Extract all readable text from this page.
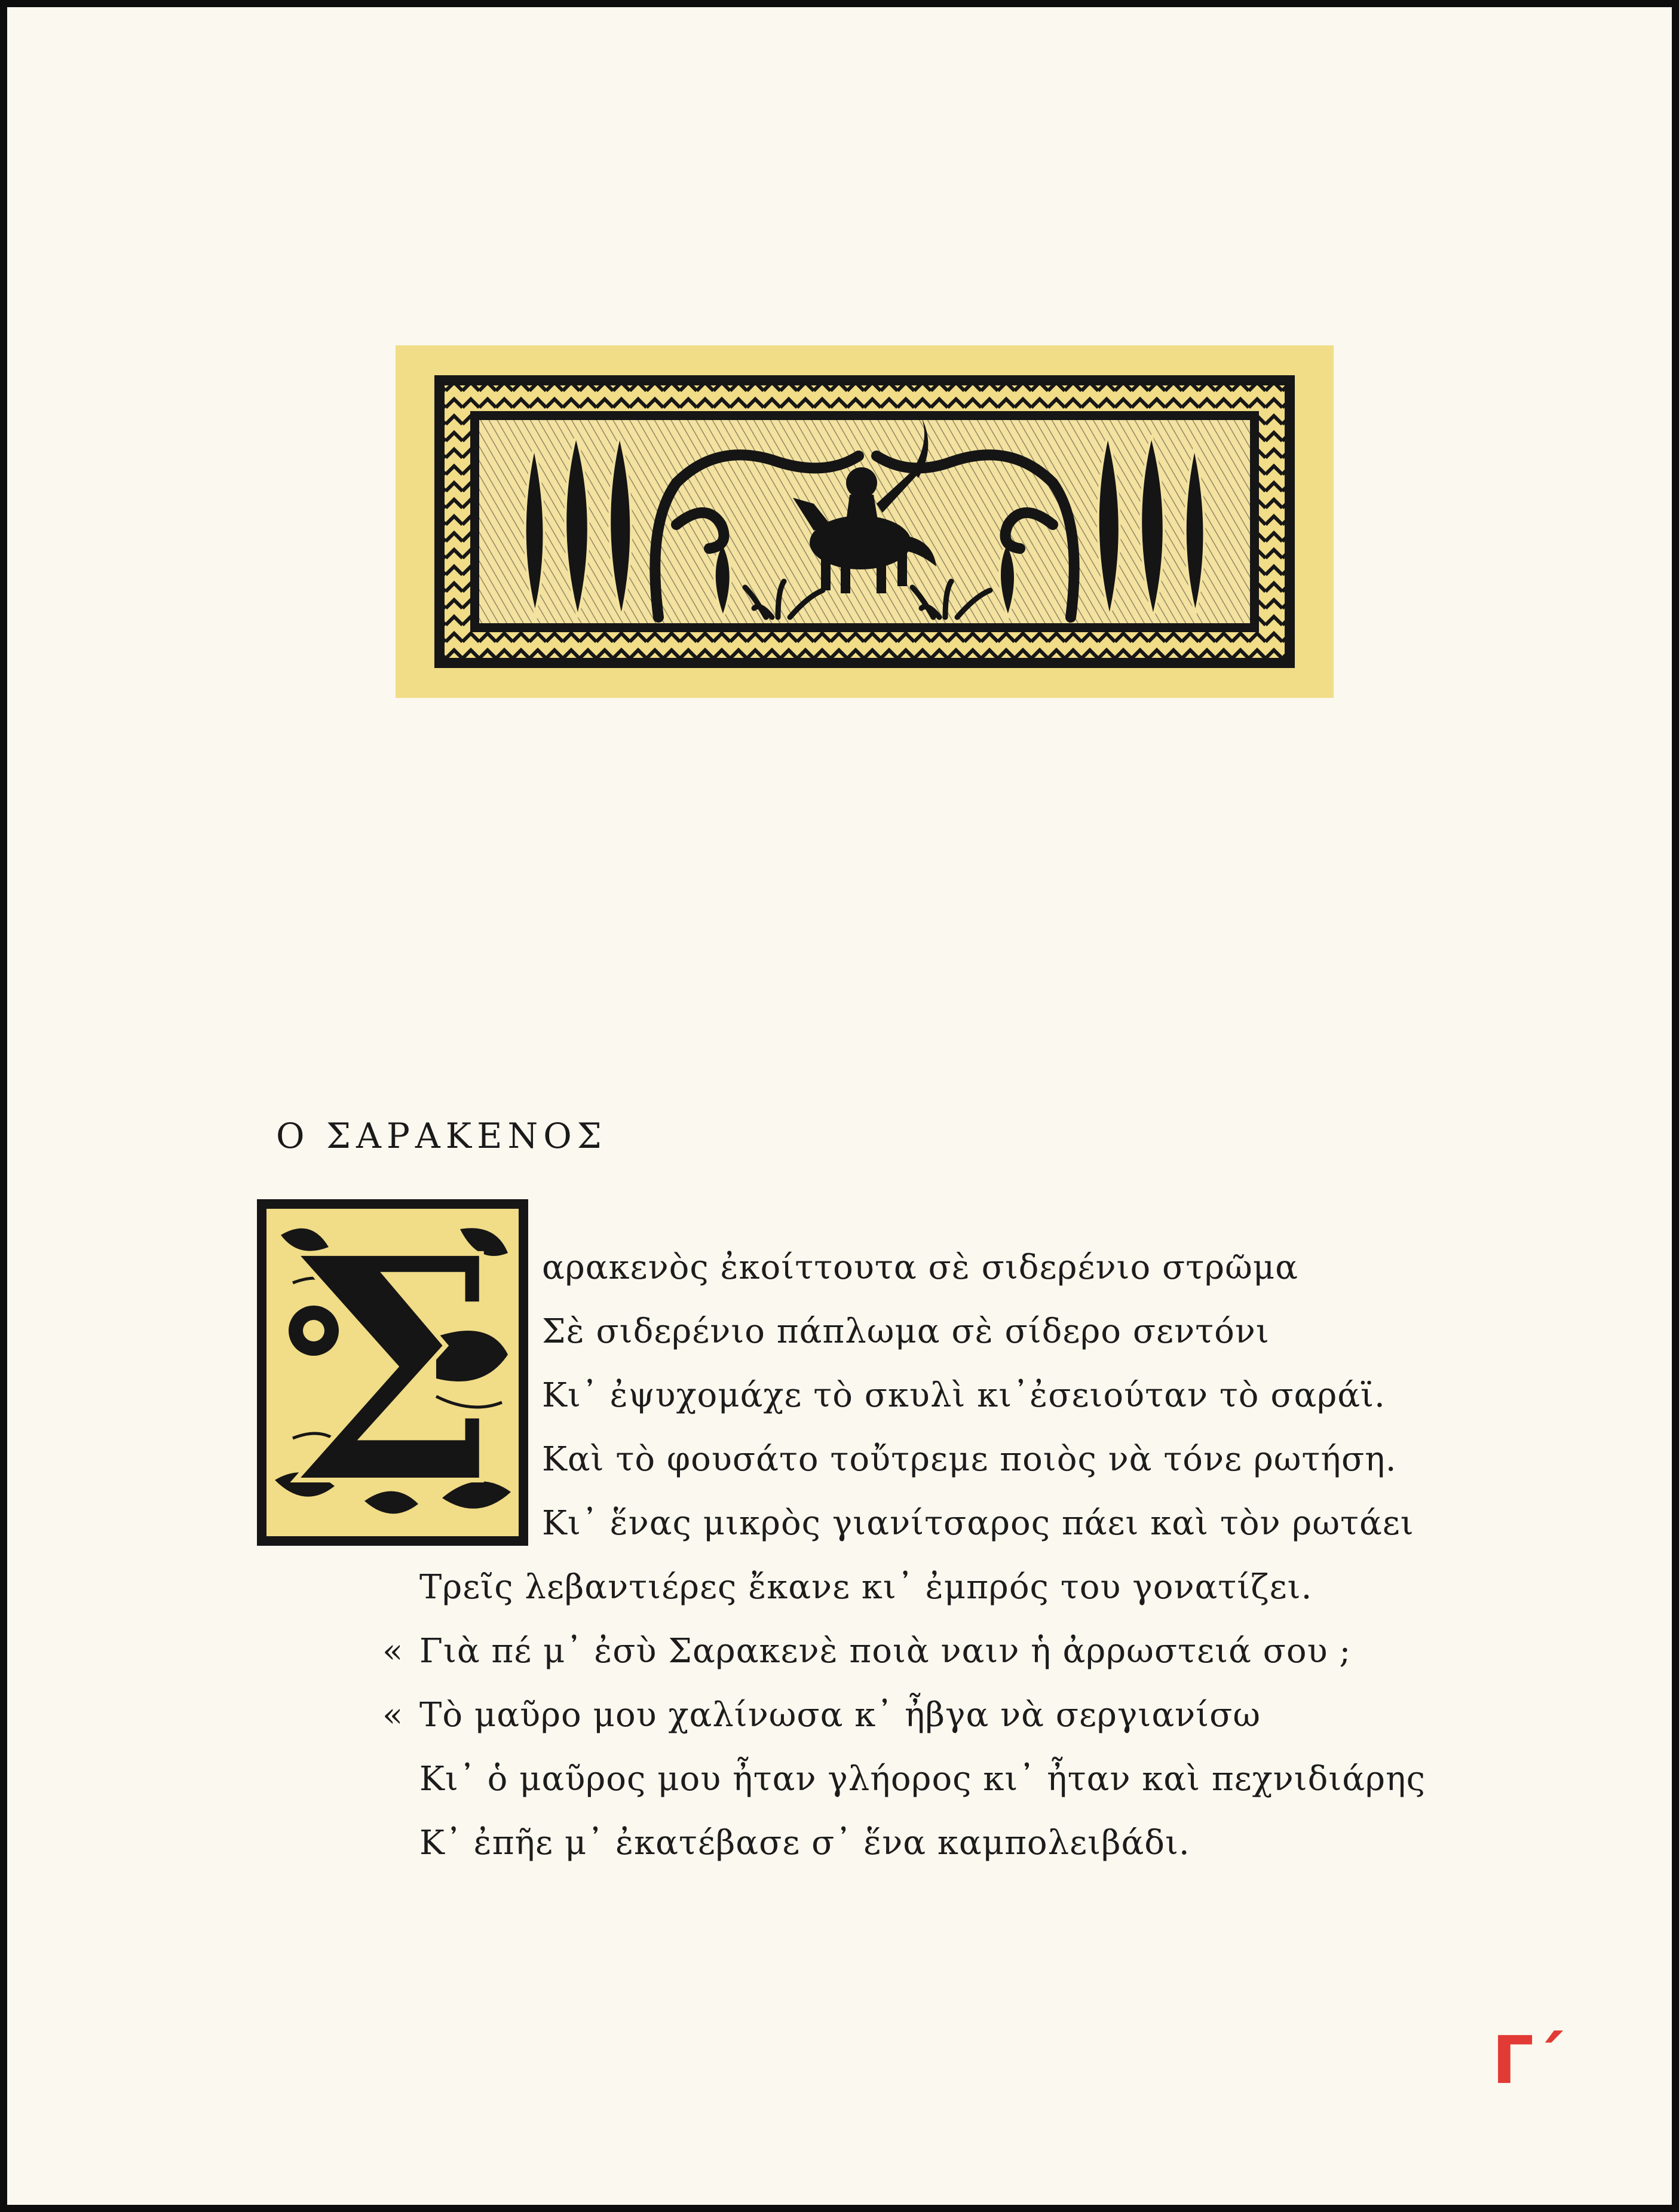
Ο ΣΑΡΑΚΕΝΟΣ
Σ αρακενὸς ἐκοίττουτα σὲ σιδερένιο στρῶμα
Σὲ σιδερένιο πάπλωμα σὲ σίδερο σεντόνι
Κι᾽ ἐψυχομάχε τὸ σκυλὶ κι᾽ἐσειούταν τὸ σαράϊ.
Καὶ τὸ φουσάτο τοὔτρεμε ποιὸς νὰ τόνε ρωτήση.
Κι᾽ ἕνας μικρὸς γιανίτσαρος πάει καὶ τὸν ρωτάει
Τρεῖς λεβαντιέρες ἔκανε κι᾽ ἐμπρός του γονατίζει.
« Γιὰ πέ μ᾽ ἐσὺ Σαρακενὲ ποιὰ ναιν ἡ ἀρρωστειά σου ;
« Τὸ μαῦρο μου χαλίνωσα κ᾽ ἦβγα νὰ σεργιανίσω
Κι᾽ ὁ μαῦρος μου ἦταν γλήορος κι᾽ ἦταν καὶ πεχνιδιάρης
Κ᾽ ἐπῆε μ᾽ ἐκατέβασε σ᾽ ἕνα καμπολειβάδι.
Γ΄
